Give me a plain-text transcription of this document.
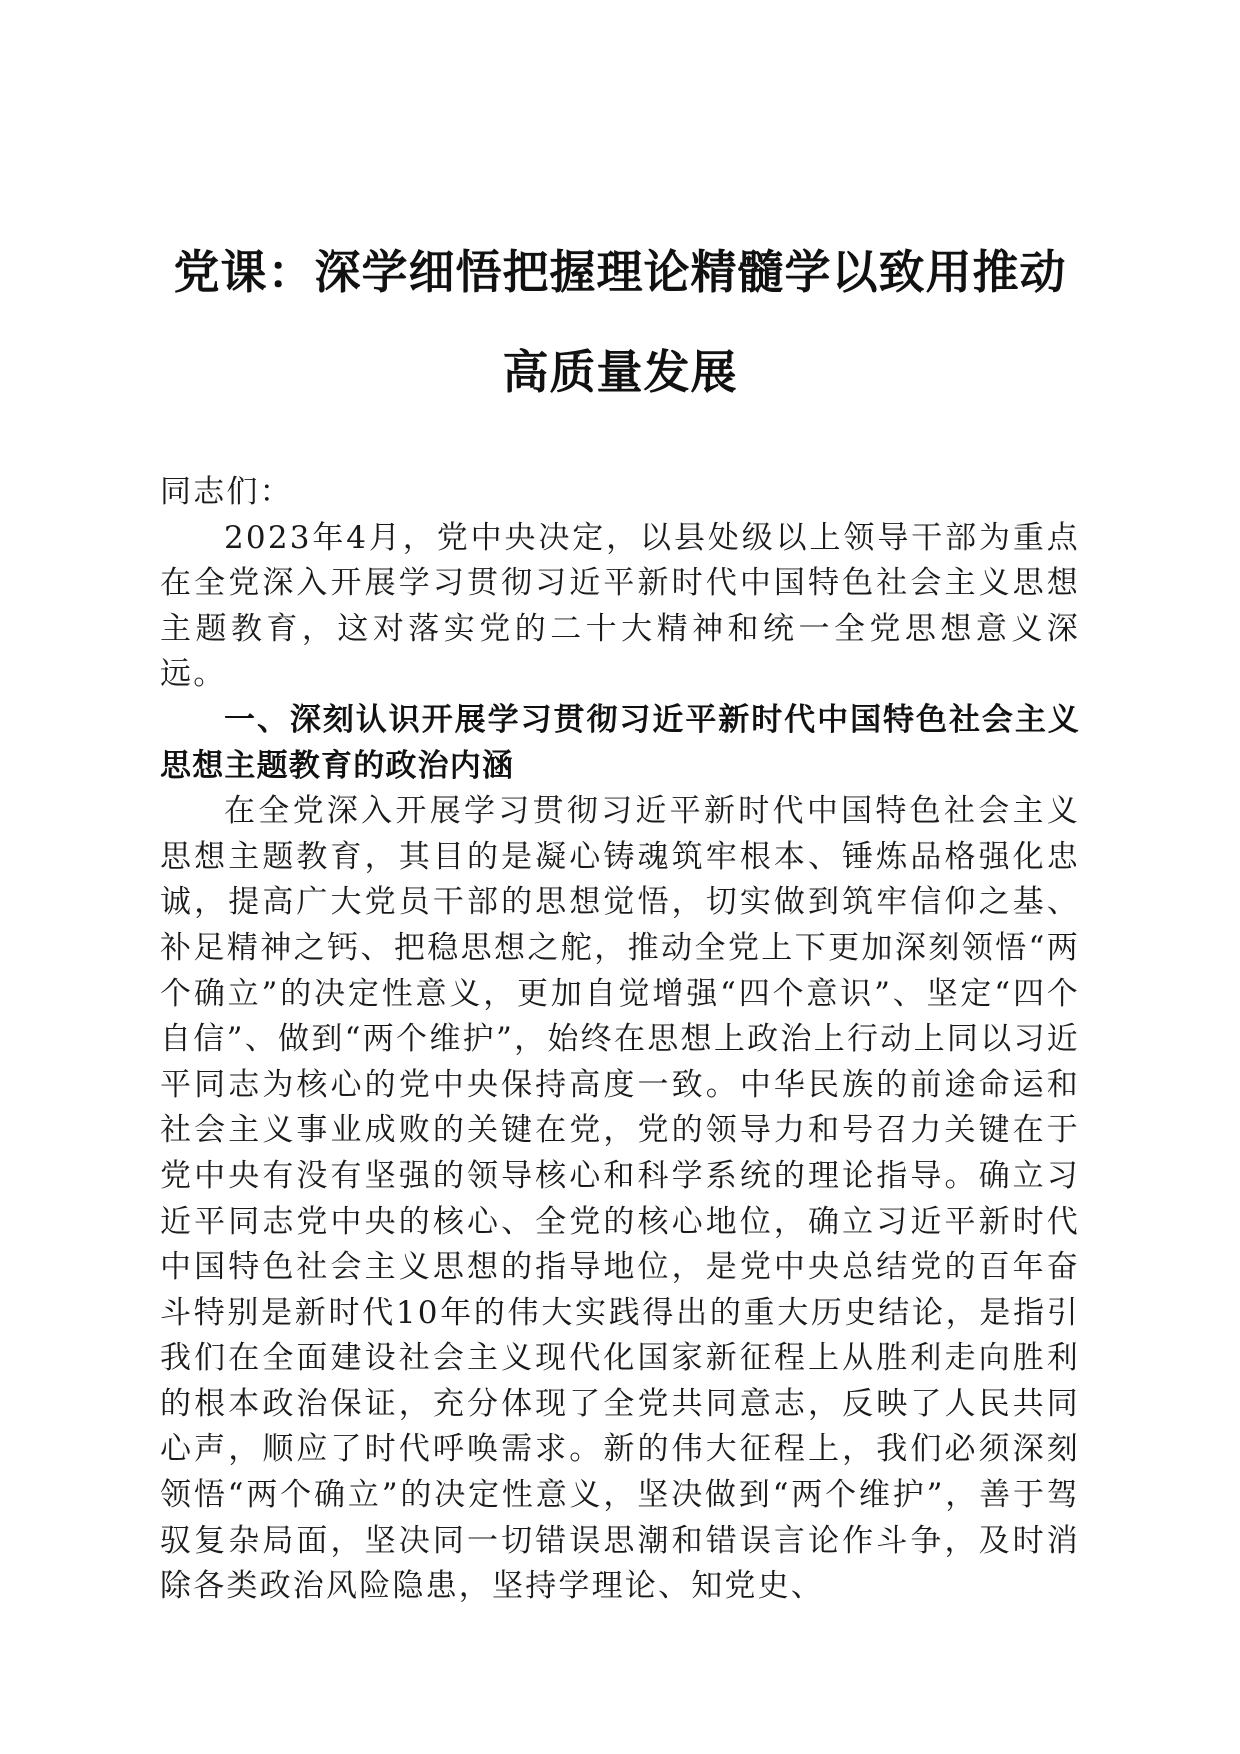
党课：深学细悟把握理论精髓学以致用推动高质量发展

同志们：

2023年4月，党中央决定，以县处级以上领导干部为重点在全党深入开展学习贯彻习近平新时代中国特色社会主义思想主题教育，这对落实党的二十大精神和统一全党思想意义深远。

一、深刻认识开展学习贯彻习近平新时代中国特色社会主义思想主题教育的政治内涵

在全党深入开展学习贯彻习近平新时代中国特色社会主义思想主题教育，其目的是凝心铸魂筑牢根本、锤炼品格强化忠诚，提高广大党员干部的思想觉悟，切实做到筑牢信仰之基、补足精神之钙、把稳思想之舵，推动全党上下更加深刻领悟“两个确立”的决定性意义，更加自觉增强“四个意识”、坚定“四个自信”、做到“两个维护”，始终在思想上政治上行动上同以习近平同志为核心的党中央保持高度一致。中华民族的前途命运和社会主义事业成败的关键在党，党的领导力和号召力关键在于党中央有没有坚强的领导核心和科学系统的理论指导。确立习近平同志党中央的核心、全党的核心地位，确立习近平新时代中国特色社会主义思想的指导地位，是党中央总结党的百年奋斗特别是新时代10年的伟大实践得出的重大历史结论，是指引我们在全面建设社会主义现代化国家新征程上从胜利走向胜利的根本政治保证，充分体现了全党共同意志，反映了人民共同心声，顺应了时代呼唤需求。新的伟大征程上，我们必须深刻领悟“两个确立”的决定性意义，坚决做到“两个维护”，善于驾驭复杂局面，坚决同一切错误思潮和错误言论作斗争，及时消除各类政治风险隐患，坚持学理论、知党史、
